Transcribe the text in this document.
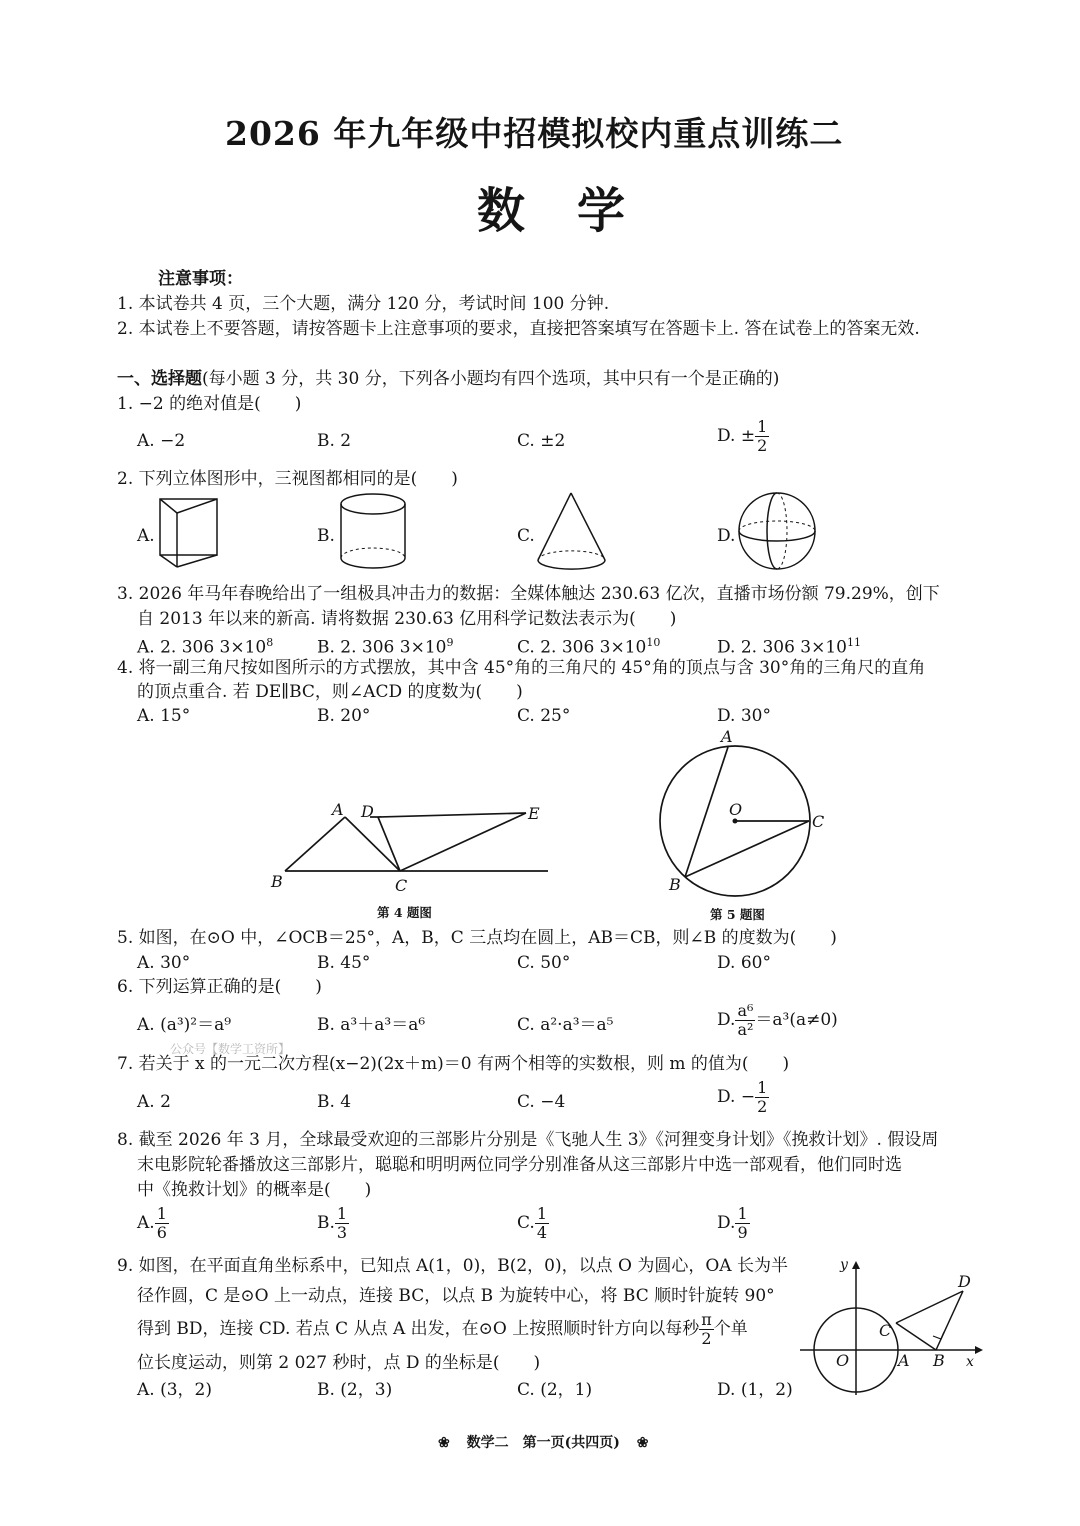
2026 年九年级中招模拟校内重点训练二
数学
注意事项：
1. 本试卷共 4 页，三个大题，满分 120 分，考试时间 100 分钟.
2. 本试卷上不要答题，请按答题卡上注意事项的要求，直接把答案填写在答题卡上. 答在试卷上的答案无效.
一、选择题(每小题 3 分，共 30 分，下列各小题均有四个选项，其中只有一个是正确的)
1. −2 的绝对值是(　　)
A. −2	B. 2	C. ±2	D. ± $\frac{1}{2}$
2. 下列立体图形中，三视图都相同的是(　　)
A.	B.	C.	D.
3. 2026 年马年春晚给出了一组极具冲击力的数据：全媒体触达 230.63 亿次，直播市场份额 79.29%，创下
自 2013 年以来的新高. 请将数据 230.63 亿用科学记数法表示为(　　)
A. 2. 306 $3\times 10^8$	B. 2. 306 $3\times 10^9$	C. 2. 306 $3\times 10^{10}$	D. 2. 306 $3\times 10^{11}$
4. 将一副三角尺按如图所示的方式摆放，其中含 45°角的三角尺的 45°角的顶点与含 30°角的三角尺的直角
的顶点重合. 若 DE∥BC，则∠ACD 的度数为(　　)
A. 15°	B. 20°	C. 25°	D. 30°
A D	E
B	C
第 4 题图
A
O
C
B
第 5 题图
5. 如图，在⊙O 中，∠OCB＝25°，A，B，C 三点均在圆上，AB＝CB，则∠B 的度数为(　　)
A. 30°	B. 45°	C. 50°	D. 60°
6. 下列运算正确的是(　　)
A. (a³)²＝a⁹	B. a³＋a³＝a⁶	C. a²·a³＝a⁵	D. $\frac{\text{a⁶}}{\text{a²}} =a^3(a\ne 0)$
公众号【数学工资所】
7. 若关于 x 的一元二次方程(x−2)(2x＋m)＝0 有两个相等的实数根，则 m 的值为(　　)
A. 2	B. 4	C. −4	D. − $\frac{1}{2}$
8. 截至 2026 年 3 月，全球最受欢迎的三部影片分别是《飞驰人生 3》《河狸变身计划》《挽救计划》. 假设周
末电影院轮番播放这三部影片，聪聪和明明两位同学分别准备从这三部影片中选一部观看，他们同时选
中《挽救计划》的概率是(　　)
A. $\frac{1}{6}$	B. $\frac{1}{3}$	C. $\frac{1}{4}$	D. $\frac{1}{9}$
9. 如图，在平面直角坐标系中，已知点 A(1，0)，B(2，0)，以点 O 为圆心，OA 长为半
径作圆，C 是⊙O 上一动点，连接 BC，以点 B 为旋转中心，将 BC 顺时针旋转 90°
得到 BD，连接 CD. 若点 C 从点 A 出发，在⊙O 上按照顺时针方向以每秒 $\frac{\pi}{2}$ 个单
位长度运动，则第 2 027 秒时，点 D 的坐标是(　　)
A. (3，2)	B. (2，3)	C. (2，1)	D. (1，2)
y
D
C
O	A B x
❀ 数学二　第一页(共四页) ❀
